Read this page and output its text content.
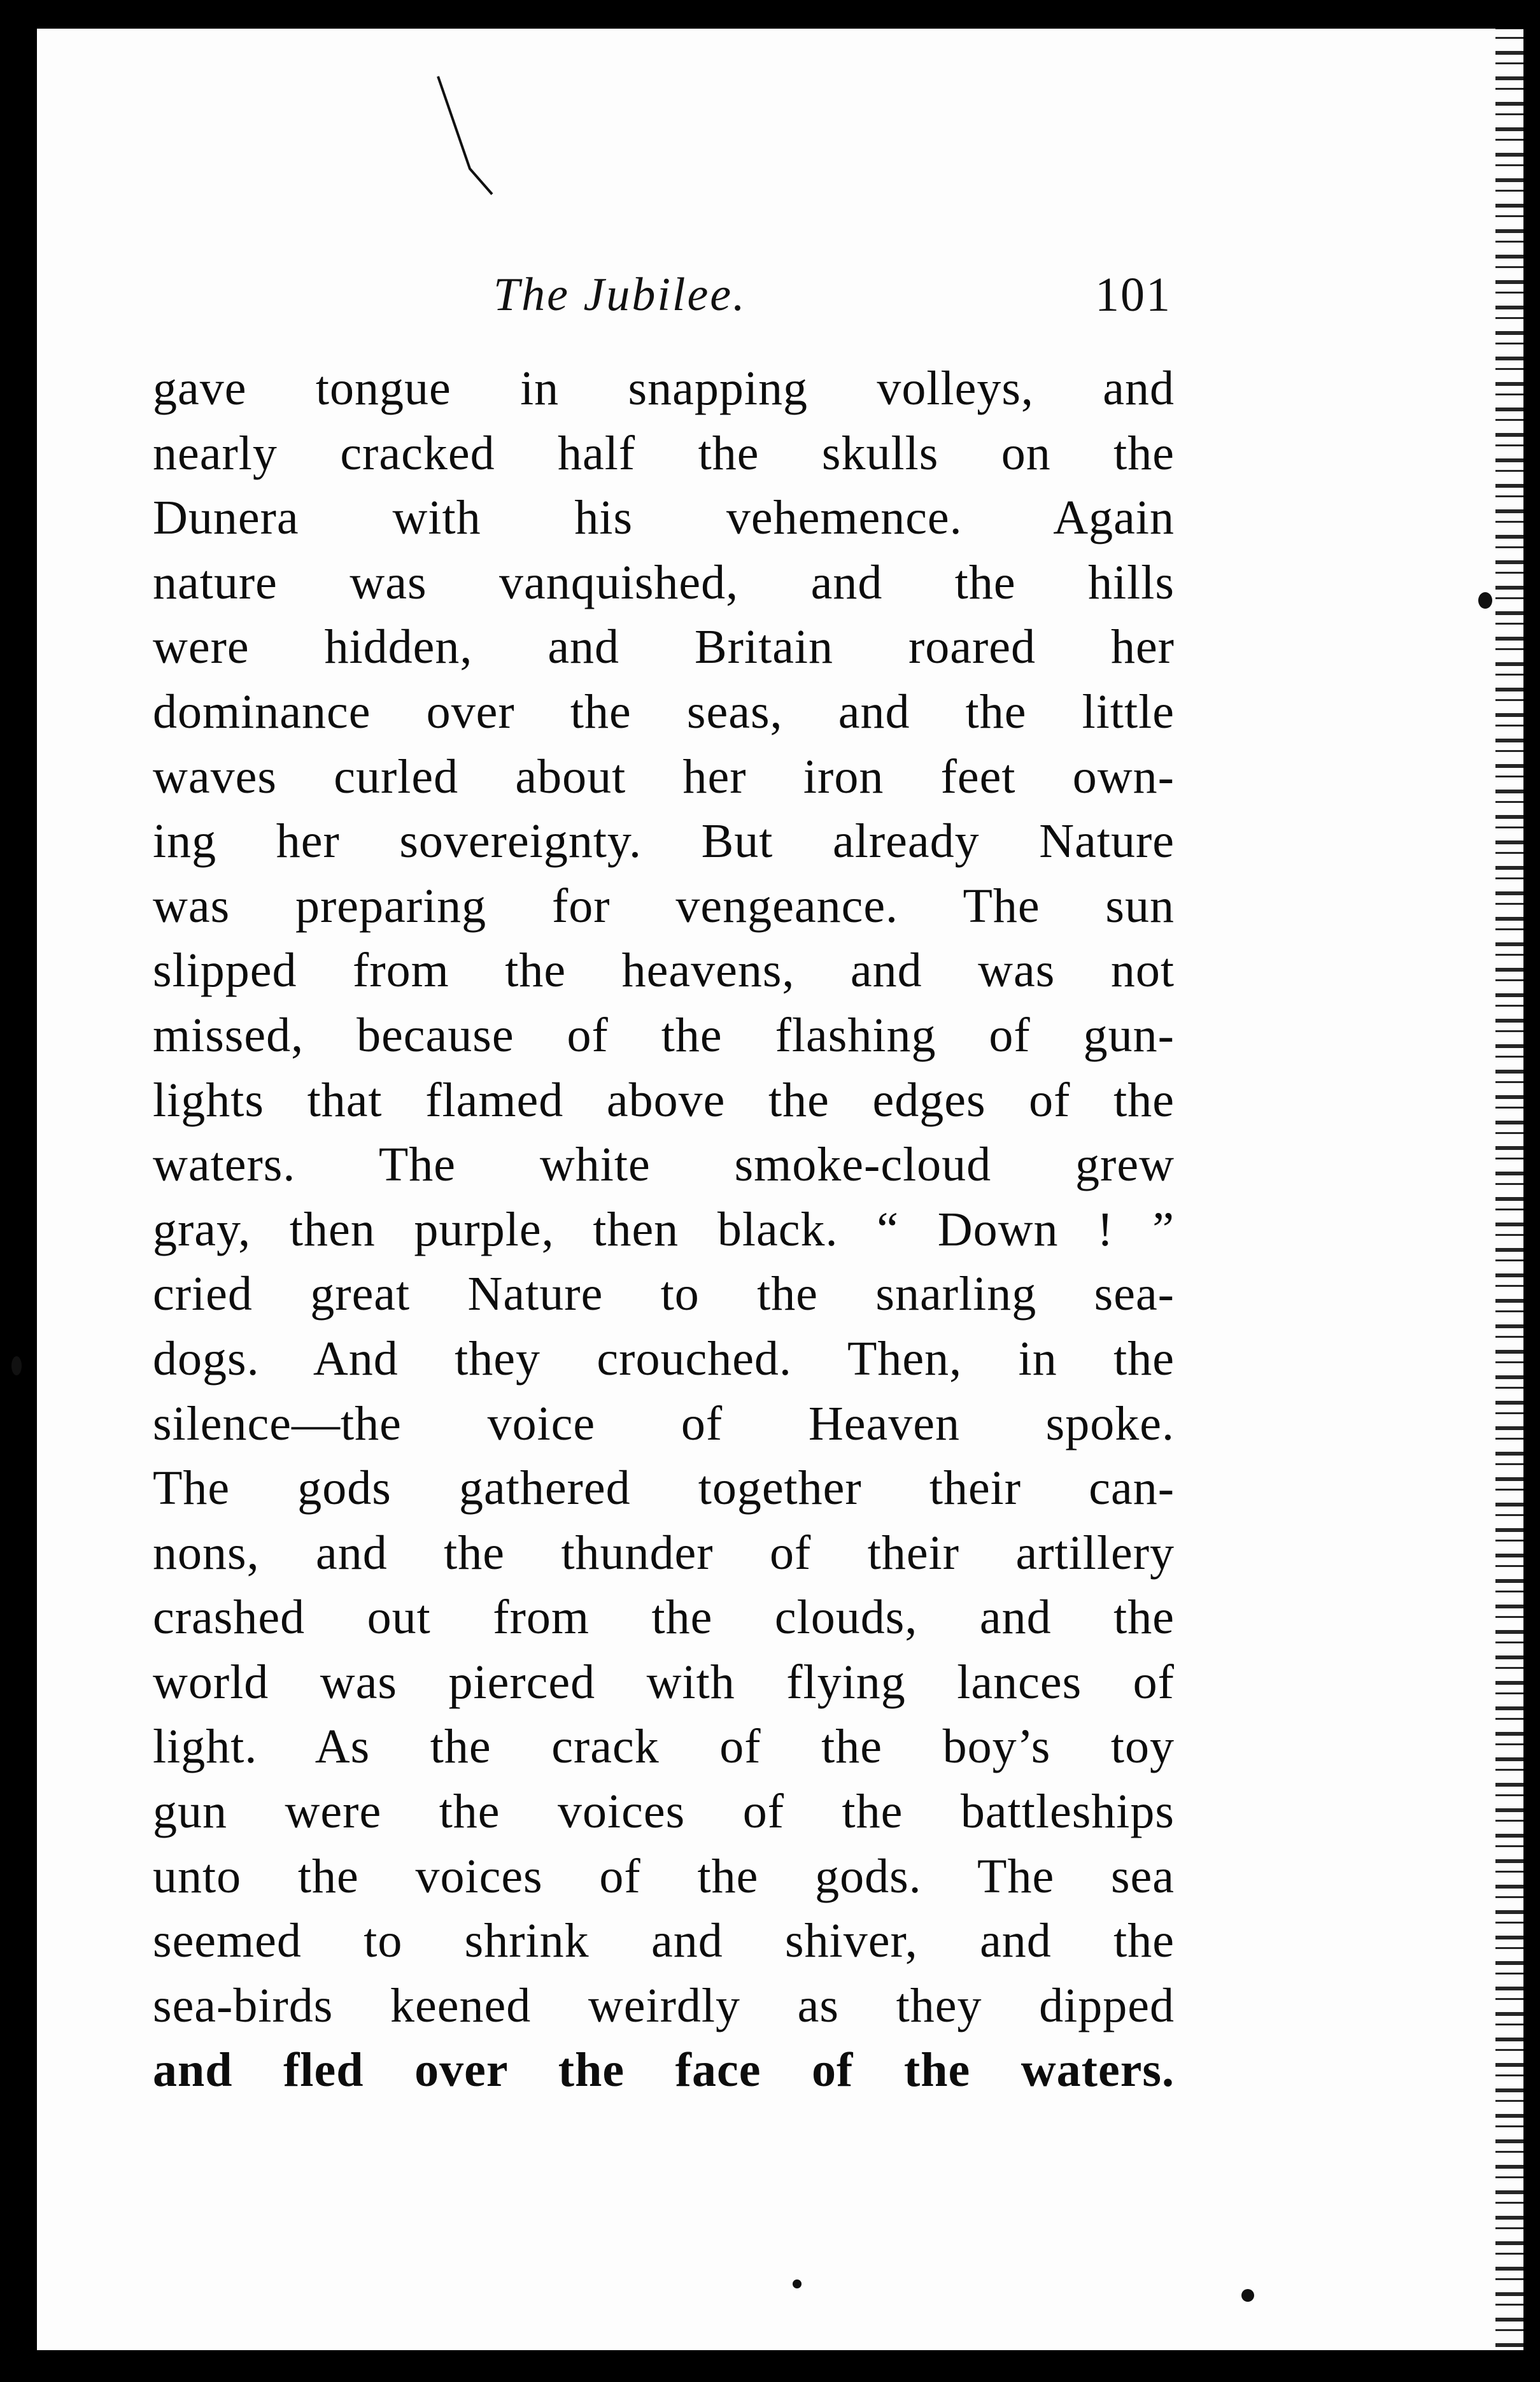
The Jubilee.	101
gave tongue in snapping volleys, and
nearly cracked half the skulls on the
Dunera with his vehemence. Again
nature was vanquished, and the hills
were hidden, and Britain roared her
dominance over the seas, and the little
waves curled about her iron feet own-
ing her sovereignty. But already Nature
was preparing for vengeance. The sun
slipped from the heavens, and was not
missed, because of the flashing of gun-
lights that flamed above the edges of the
waters. The white smoke-cloud grew
gray, then purple, then black. “ Down ! ”
cried great Nature to the snarling sea-
dogs. And they crouched. Then, in the
silence—the voice of Heaven spoke.
The gods gathered together their can-
nons, and the thunder of their artillery
crashed out from the clouds, and the
world was pierced with flying lances of
light. As the crack of the boy’s toy
gun were the voices of the battleships
unto the voices of the gods. The sea
seemed to shrink and shiver, and the
sea-birds keened weirdly as they dipped
and fled over the face of the waters.
